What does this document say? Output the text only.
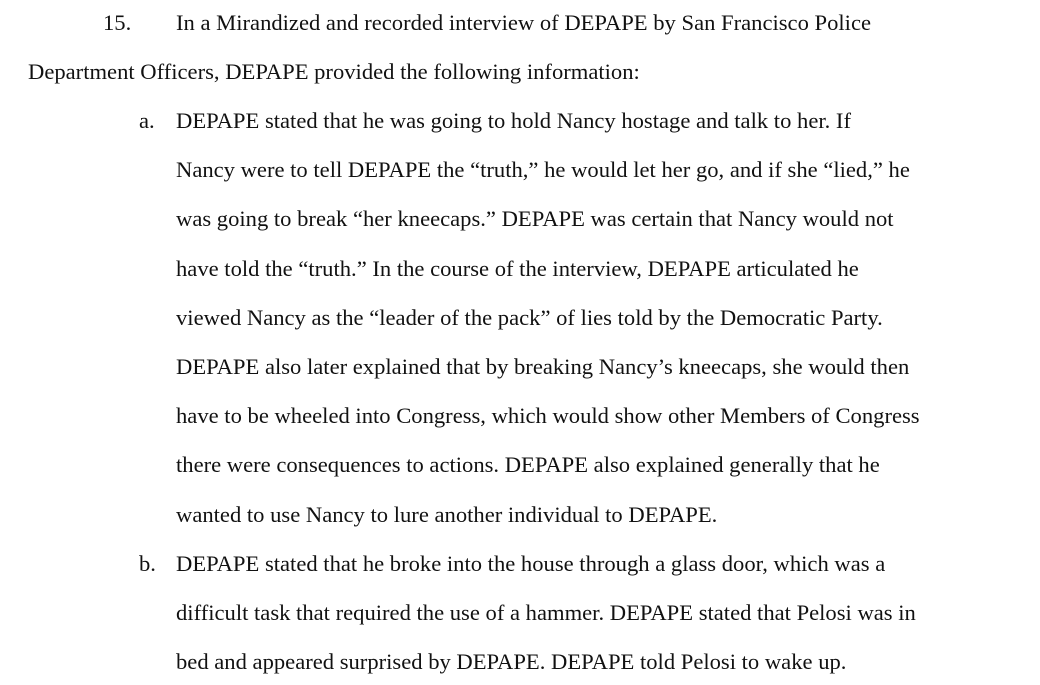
15. In a Mirandized and recorded interview of DEPAPE by San Francisco Police
Department Officers, DEPAPE provided the following information:
a. DEPAPE stated that he was going to hold Nancy hostage and talk to her. If
Nancy were to tell DEPAPE the “truth,” he would let her go, and if she “lied,” he
was going to break “her kneecaps.” DEPAPE was certain that Nancy would not
have told the “truth.” In the course of the interview, DEPAPE articulated he
viewed Nancy as the “leader of the pack” of lies told by the Democratic Party.
DEPAPE also later explained that by breaking Nancy’s kneecaps, she would then
have to be wheeled into Congress, which would show other Members of Congress
there were consequences to actions. DEPAPE also explained generally that he
wanted to use Nancy to lure another individual to DEPAPE.
b. DEPAPE stated that he broke into the house through a glass door, which was a
difficult task that required the use of a hammer. DEPAPE stated that Pelosi was in
bed and appeared surprised by DEPAPE. DEPAPE told Pelosi to wake up.
